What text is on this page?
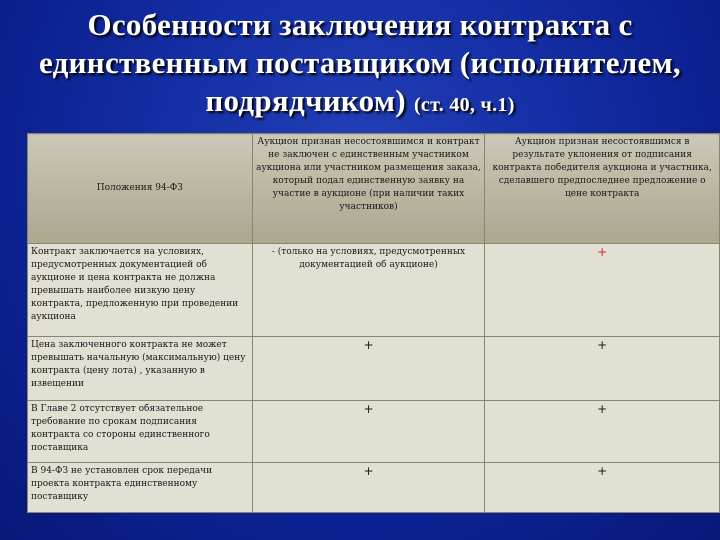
Особенности заключения контракта с единственным поставщиком (исполнителем, подрядчиком) (ст. 40, ч.1)
Положения 94-ФЗ	Аукцион признан несостоявшимся и контракт не заключен с единственным участником аукциона или участником размещения заказа, который подал единственную заявку на участие в аукционе (при наличии таких участников)	Аукцион признан несостоявшимся в результате уклонения от подписания контракта победителя аукциона и участника, сделавшего предпоследнее предложение о цене контракта
Контракт заключается на условиях, предусмотренных документацией об аукционе и цена контракта не должна превышать наиболее низкую цену контракта, предложенную при проведении аукциона	- (только на условиях, предусмотренных документацией об аукционе)	+
Цена заключенного контракта не может превышать начальную (максимальную) цену контракта (цену лота) , указанную в извещении	+	+
В Главе 2 отсутствует обязательное требование по срокам подписания контракта со стороны единственного поставщика	+	+
В 94-ФЗ не установлен срок передачи проекта контракта единственному поставщику	+	+
